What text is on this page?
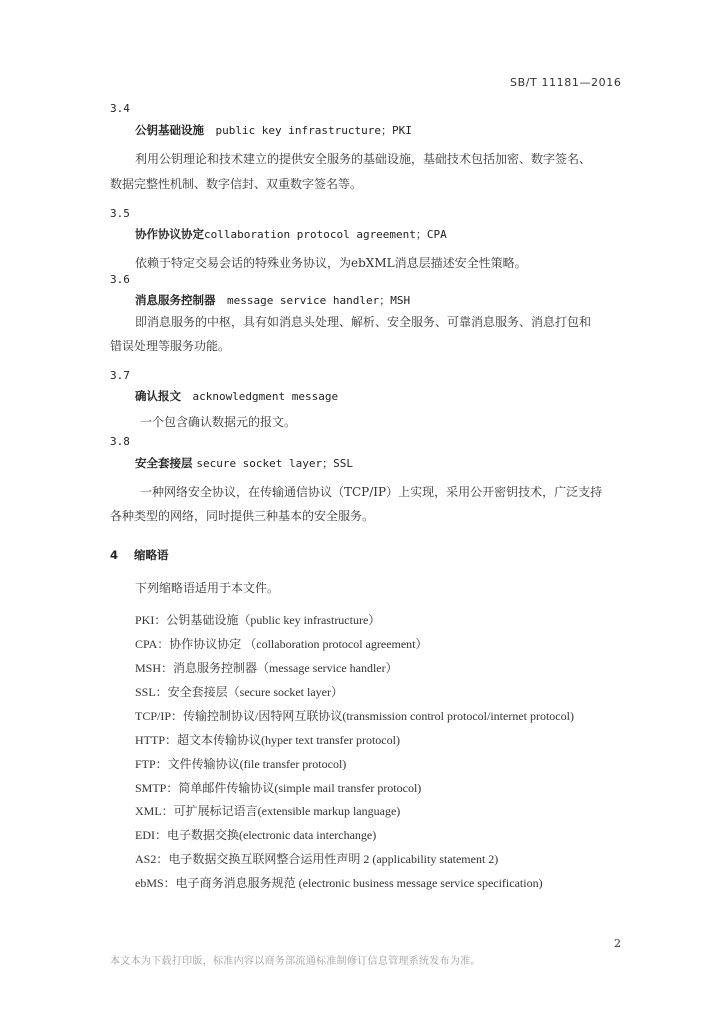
SB/T 11181—2016
3.4
公钥基础设施 public key infrastructure；PKI
利用公钥理论和技术建立的提供安全服务的基础设施，基础技术包括加密、数字签名、
数据完整性机制、数字信封、双重数字签名等。
3.5
协作协议协定collaboration protocol agreement；CPA
依赖于特定交易会话的特殊业务协议，为ebXML消息层描述安全性策略。
3.6
消息服务控制器 message service handler；MSH
即消息服务的中枢，具有如消息头处理、解析、安全服务、可靠消息服务、消息打包和
错误处理等服务功能。
3.7
确认报文 acknowledgment message
一个包含确认数据元的报文。
3.8
安全套接层 secure socket layer；SSL
一种网络安全协议，在传输通信协议（TCP/IP）上实现，采用公开密钥技术，广泛支持
各种类型的网络，同时提供三种基本的安全服务。
4 缩略语
下列缩略语适用于本文件。
PKI：公钥基础设施（public key infrastructure）
CPA：协作协议协定 （collaboration protocol agreement）
MSH：消息服务控制器（message service handler）
SSL：安全套接层（secure socket layer）
TCP/IP：传输控制协议/因特网互联协议(transmission control protocol/internet protocol)
HTTP：超文本传输协议(hyper text transfer protocol)
FTP：文件传输协议(file transfer protocol)
SMTP：简单邮件传输协议(simple mail transfer protocol)
XML：可扩展标记语言(extensible markup language)
EDI：电子数据交换(electronic data interchange)
AS2：电子数据交换互联网整合运用性声明 2 (applicability statement 2)
ebMS：电子商务消息服务规范 (electronic business message service specification)
2
本文本为下载打印版，标准内容以商务部流通标准制修订信息管理系统发布为准。
